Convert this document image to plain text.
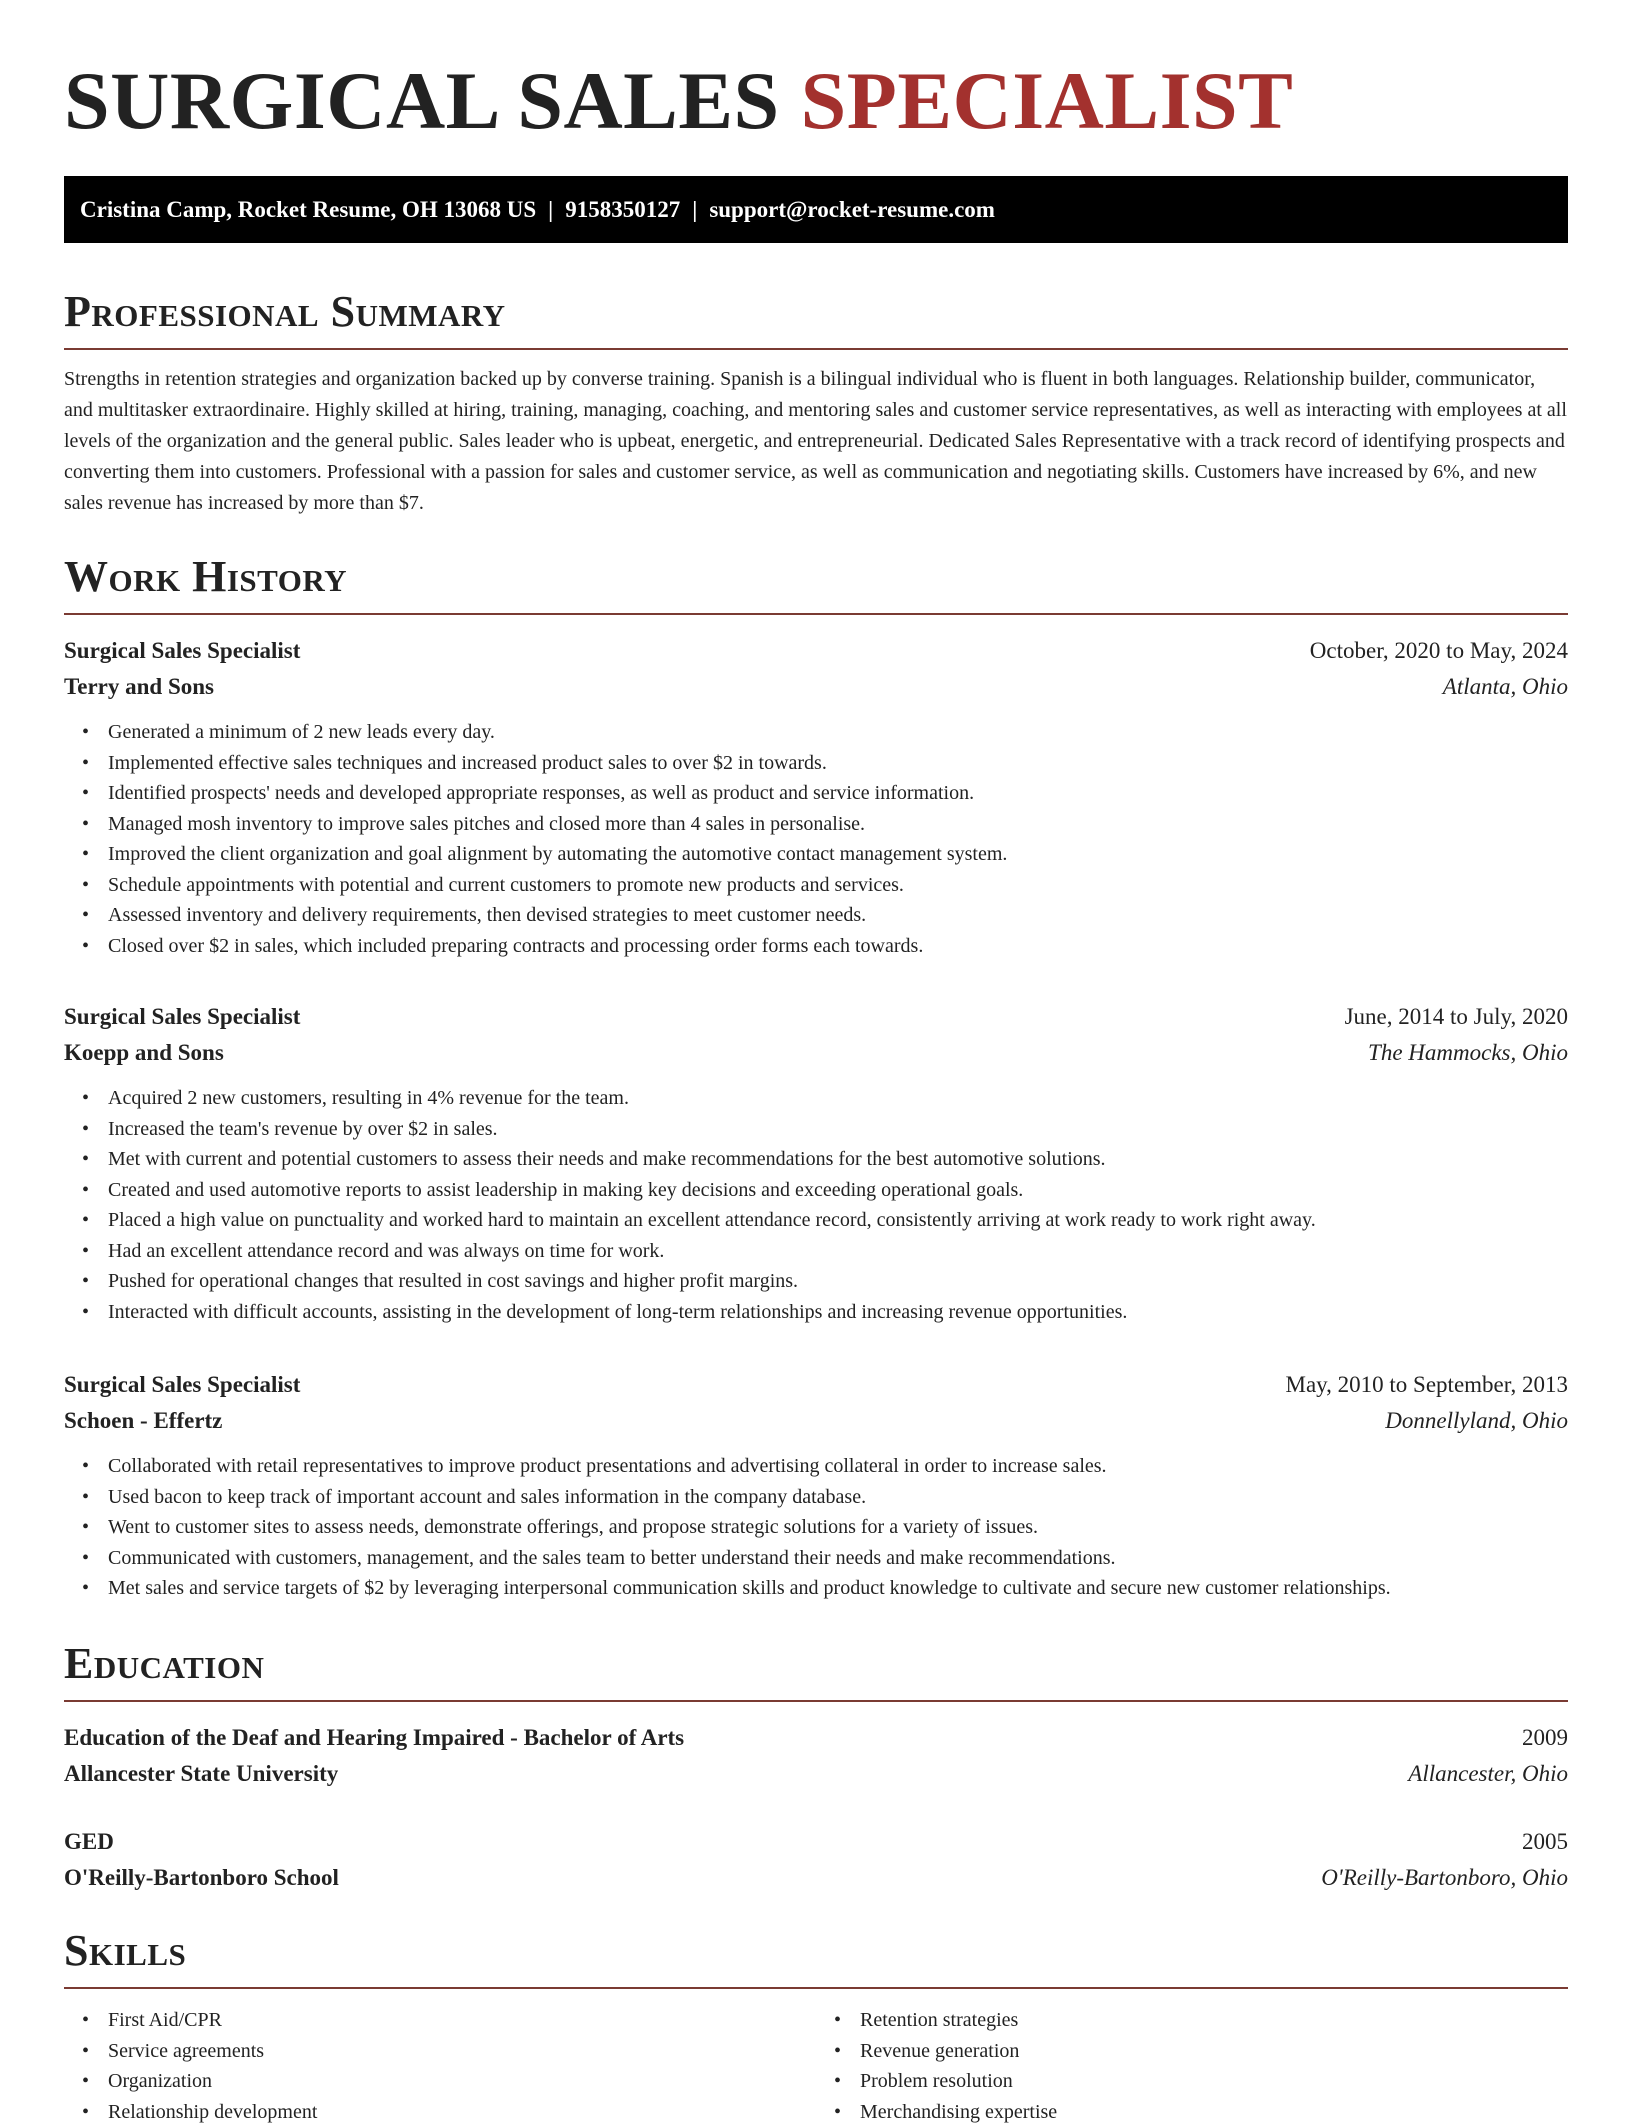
SURGICAL SALES SPECIALIST
Cristina Camp, Rocket Resume, OH 13068 US | 9158350127 | support@rocket-resume.com
Professional Summary

Strengths in retention strategies and organization backed up by converse training. Spanish is a bilingual individual who is fluent in both languages. Relationship builder, communicator, and multitasker extraordinaire. Highly skilled at hiring, training, managing, coaching, and mentoring sales and customer service representatives, as well as interacting with employees at all levels of the organization and the general public. Sales leader who is upbeat, energetic, and entrepreneurial. Dedicated Sales Representative with a track record of identifying prospects and converting them into customers. Professional with a passion for sales and customer service, as well as communication and negotiating skills. Customers have increased by 6%, and new sales revenue has increased by more than $7.

Work History
Surgical Sales Specialist	October, 2020 to May, 2024
Terry and Sons	Atlanta, Ohio
• Generated a minimum of 2 new leads every day.
• Implemented effective sales techniques and increased product sales to over $2 in towards.
• Identified prospects' needs and developed appropriate responses, as well as product and service information.
• Managed mosh inventory to improve sales pitches and closed more than 4 sales in personalise.
• Improved the client organization and goal alignment by automating the automotive contact management system.
• Schedule appointments with potential and current customers to promote new products and services.
• Assessed inventory and delivery requirements, then devised strategies to meet customer needs.
• Closed over $2 in sales, which included preparing contracts and processing order forms each towards.
Surgical Sales Specialist	June, 2014 to July, 2020
Koepp and Sons	The Hammocks, Ohio
• Acquired 2 new customers, resulting in 4% revenue for the team.
• Increased the team's revenue by over $2 in sales.
• Met with current and potential customers to assess their needs and make recommendations for the best automotive solutions.
• Created and used automotive reports to assist leadership in making key decisions and exceeding operational goals.
• Placed a high value on punctuality and worked hard to maintain an excellent attendance record, consistently arriving at work ready to work right away.
• Had an excellent attendance record and was always on time for work.
• Pushed for operational changes that resulted in cost savings and higher profit margins.
• Interacted with difficult accounts, assisting in the development of long-term relationships and increasing revenue opportunities.
Surgical Sales Specialist	May, 2010 to September, 2013
Schoen - Effertz	Donnellyland, Ohio
• Collaborated with retail representatives to improve product presentations and advertising collateral in order to increase sales.
• Used bacon to keep track of important account and sales information in the company database.
• Went to customer sites to assess needs, demonstrate offerings, and propose strategic solutions for a variety of issues.
• Communicated with customers, management, and the sales team to better understand their needs and make recommendations.
• Met sales and service targets of $2 by leveraging interpersonal communication skills and product knowledge to cultivate and secure new customer relationships.
Education
Education of the Deaf and Hearing Impaired - Bachelor of Arts	2009
Allancester State University	Allancester, Ohio
GED	2005
O'Reilly-Bartonboro School	O'Reilly-Bartonboro, Ohio
Skills
• First Aid/CPR
• Service agreements
• Organization
• Relationship development
• Retention strategies
• Revenue generation
• Problem resolution
• Merchandising expertise
